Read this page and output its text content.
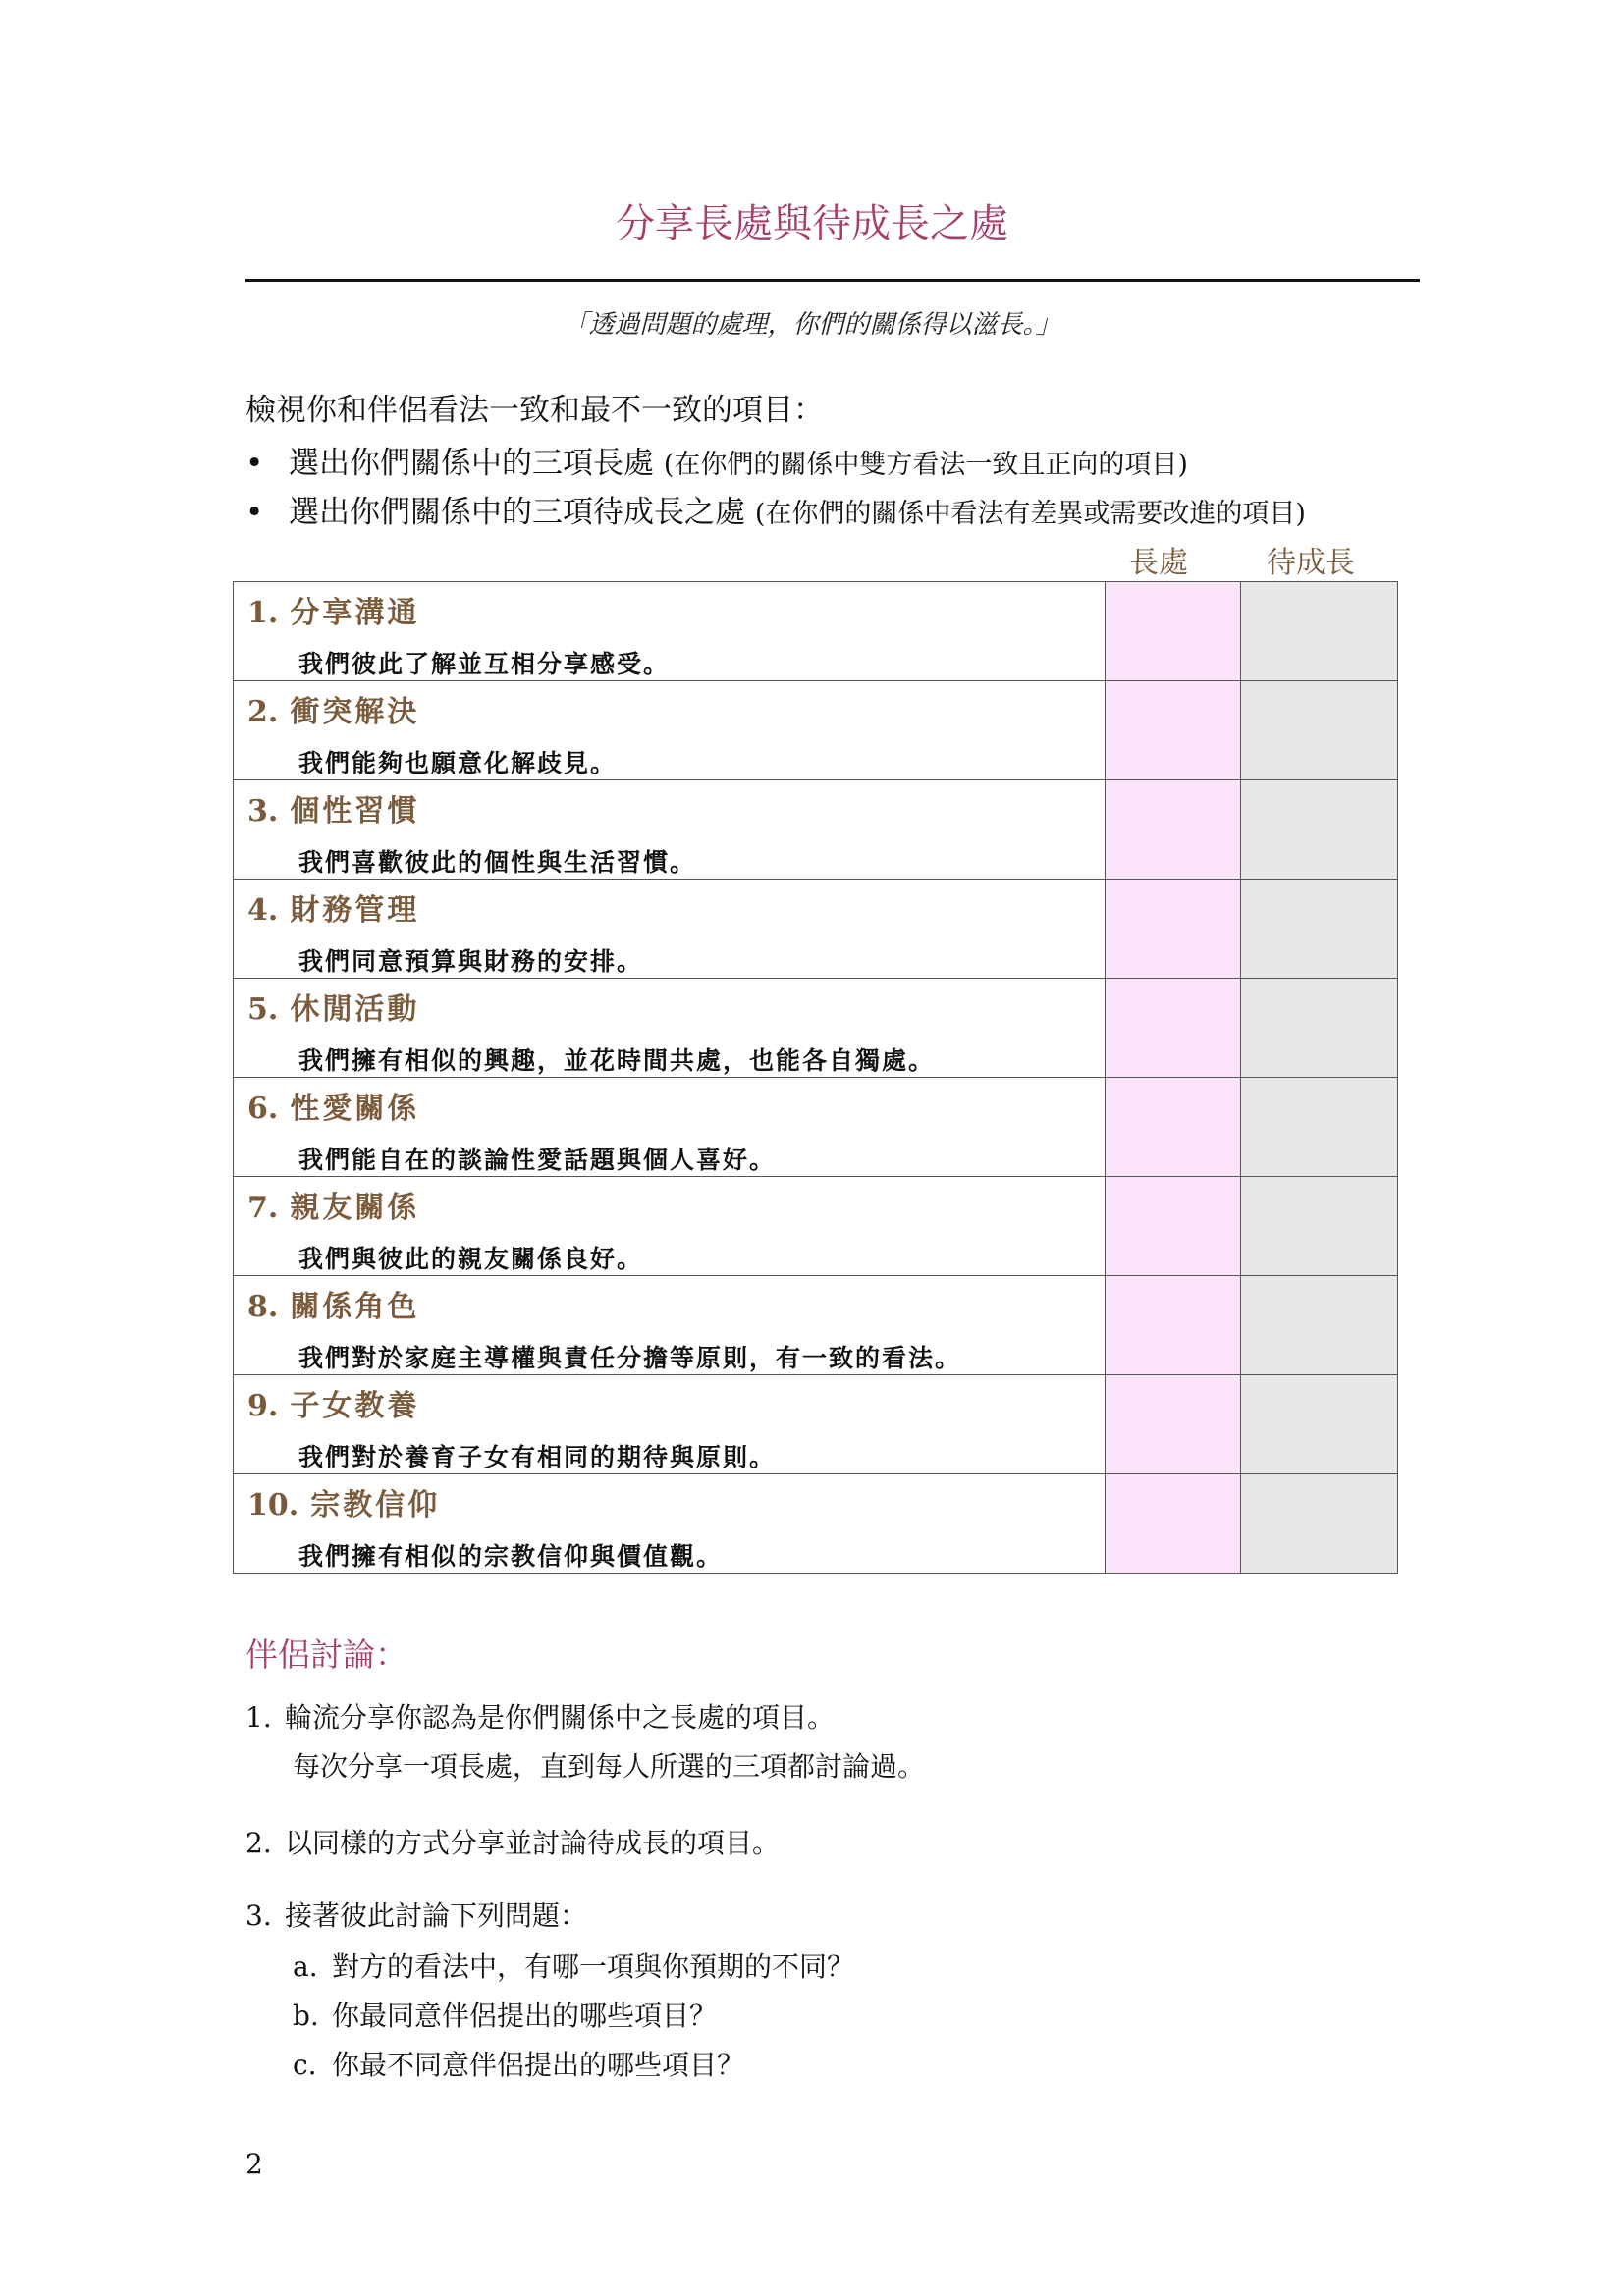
分享長處與待成長之處
「透過問題的處理，你們的關係得以滋長。」
檢視你和伴侶看法一致和最不一致的項目：
• 選出你們關係中的三項長處 (在你們的關係中雙方看法一致且正向的項目)
• 選出你們關係中的三項待成長之處 (在你們的關係中看法有差異或需要改進的項目)
長處	待成長
1. 分享溝通
我們彼此了解並互相分享感受。		

2. 衝突解決
我們能夠也願意化解歧見。		

3. 個性習慣
我們喜歡彼此的個性與生活習慣。		

4. 財務管理
我們同意預算與財務的安排。		

5. 休閒活動
我們擁有相似的興趣，並花時間共處，也能各自獨處。		

6. 性愛關係
我們能自在的談論性愛話題與個人喜好。		

7. 親友關係
我們與彼此的親友關係良好。		

8. 關係角色
我們對於家庭主導權與責任分擔等原則，有一致的看法。		

9. 子女教養
我們對於養育子女有相同的期待與原則。		

10. 宗教信仰
我們擁有相似的宗教信仰與價值觀。		

伴侶討論：
1. 輪流分享你認為是你們關係中之長處的項目。
每次分享一項長處，直到每人所選的三項都討論過。
2. 以同樣的方式分享並討論待成長的項目。
3. 接著彼此討論下列問題：
a. 對方的看法中，有哪一項與你預期的不同？
b. 你最同意伴侶提出的哪些項目？
c. 你最不同意伴侶提出的哪些項目？
2
